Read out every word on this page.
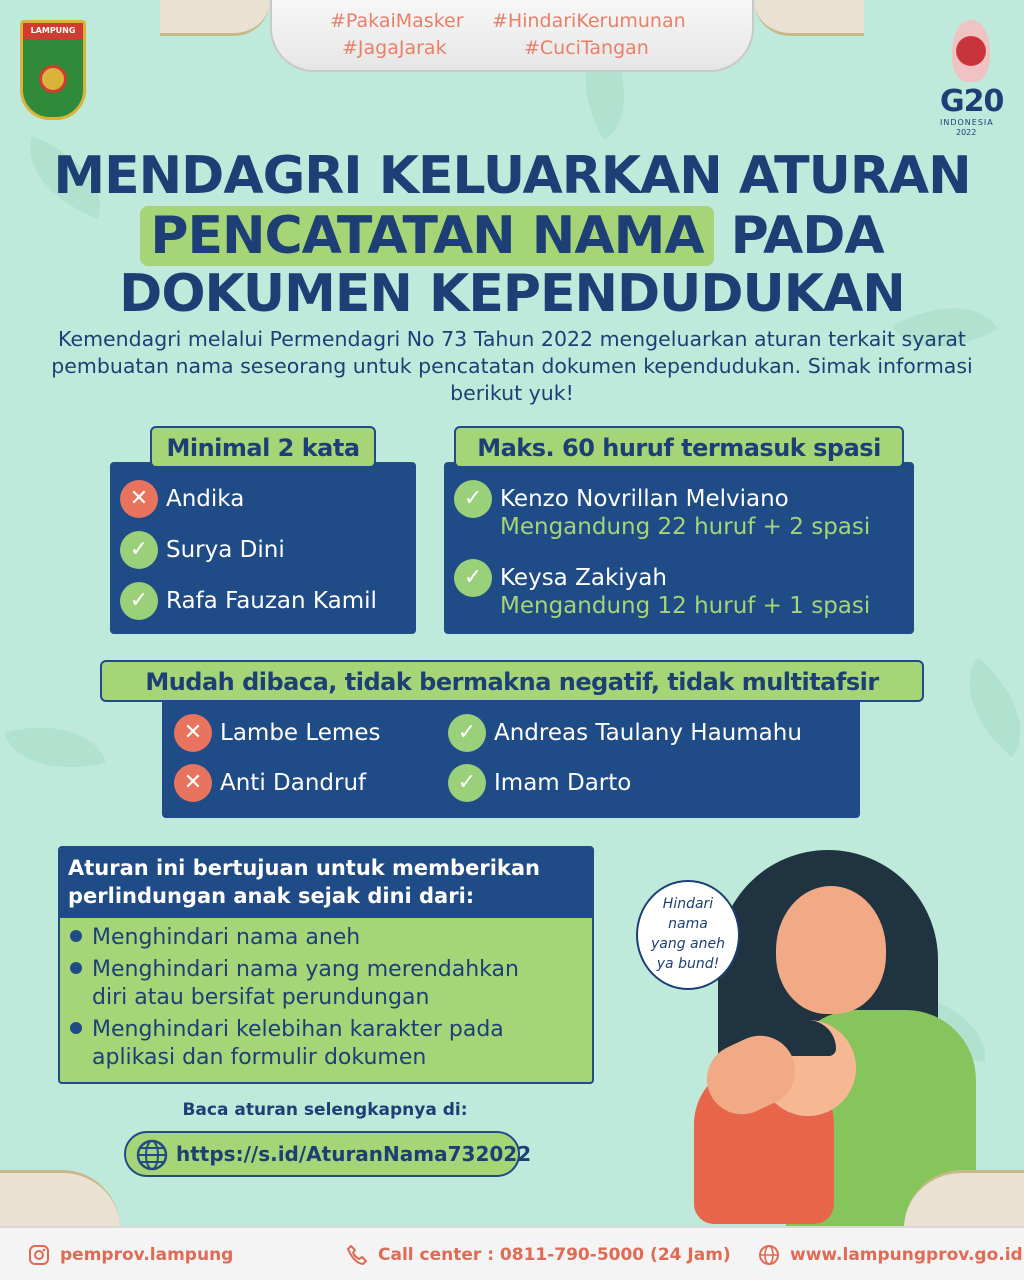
#PakaiMasker #HindariKerumunan
#JagaJarak	#CuciTangan
LAMPUNG
G20
INDONESIA
2022
MENDAGRI KELUARKAN ATURAN
PENCATATAN NAMA PADA
DOKUMEN KEPENDUDUKAN
Kemendagri melalui Permendagri No 73 Tahun 2022 mengeluarkan aturan terkait syarat pembuatan nama seseorang untuk pencatatan dokumen kependudukan. Simak informasi berikut yuk!
Minimal 2 kata
✕ Andika
✓ Surya Dini
✓ Rafa Fauzan Kamil
Maks. 60 huruf termasuk spasi
✓ Kenzo Novrillan Melviano
Mengandung 22 huruf + 2 spasi
✓ Keysa Zakiyah
Mengandung 12 huruf + 1 spasi
Mudah dibaca, tidak bermakna negatif, tidak multitafsir
✕ Lambe Lemes
✕ Anti Dandruf
✓ Andreas Taulany Haumahu
✓ Imam Darto
Aturan ini bertujuan untuk memberikan
perlindungan anak sejak dini dari:
Menghindari nama aneh
Menghindari nama yang merendahkan
diri atau bersifat perundungan
Menghindari kelebihan karakter pada
aplikasi dan formulir dokumen
Baca aturan selengkapnya di:
https://s.id/AturanNama732022
Hindari
nama
yang aneh
ya bund!
pemprov.lampung	Call center : 0811-790-5000 (24 Jam)	www.lampungprov.go.id
